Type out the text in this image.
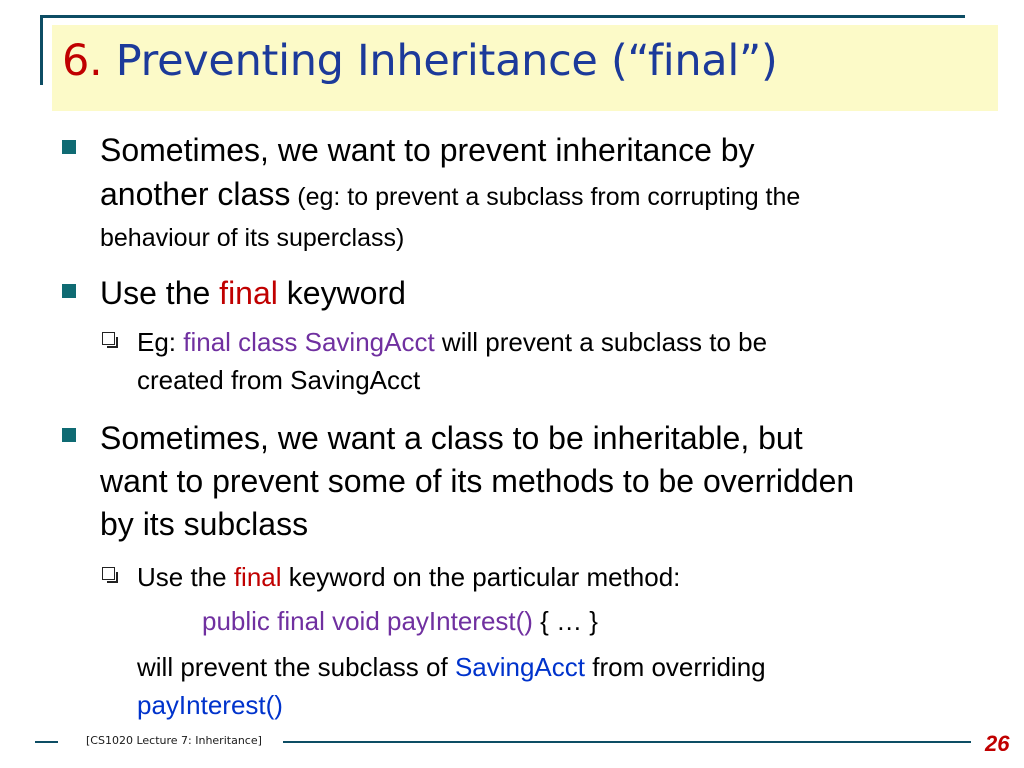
6. Preventing Inheritance (“final”)

Sometimes, we want to prevent inheritance by

another class (eg: to prevent a subclass from corrupting the

behaviour of its superclass)

Use the final keyword

Eg: final class SavingAcct will prevent a subclass to be

created from SavingAcct

Sometimes, we want a class to be inheritable, but

want to prevent some of its methods to be overridden

by its subclass

Use the final keyword on the particular method:

public final void payInterest() { … }

will prevent the subclass of SavingAcct from overriding

payInterest()

[CS1020 Lecture 7: Inheritance]	26
